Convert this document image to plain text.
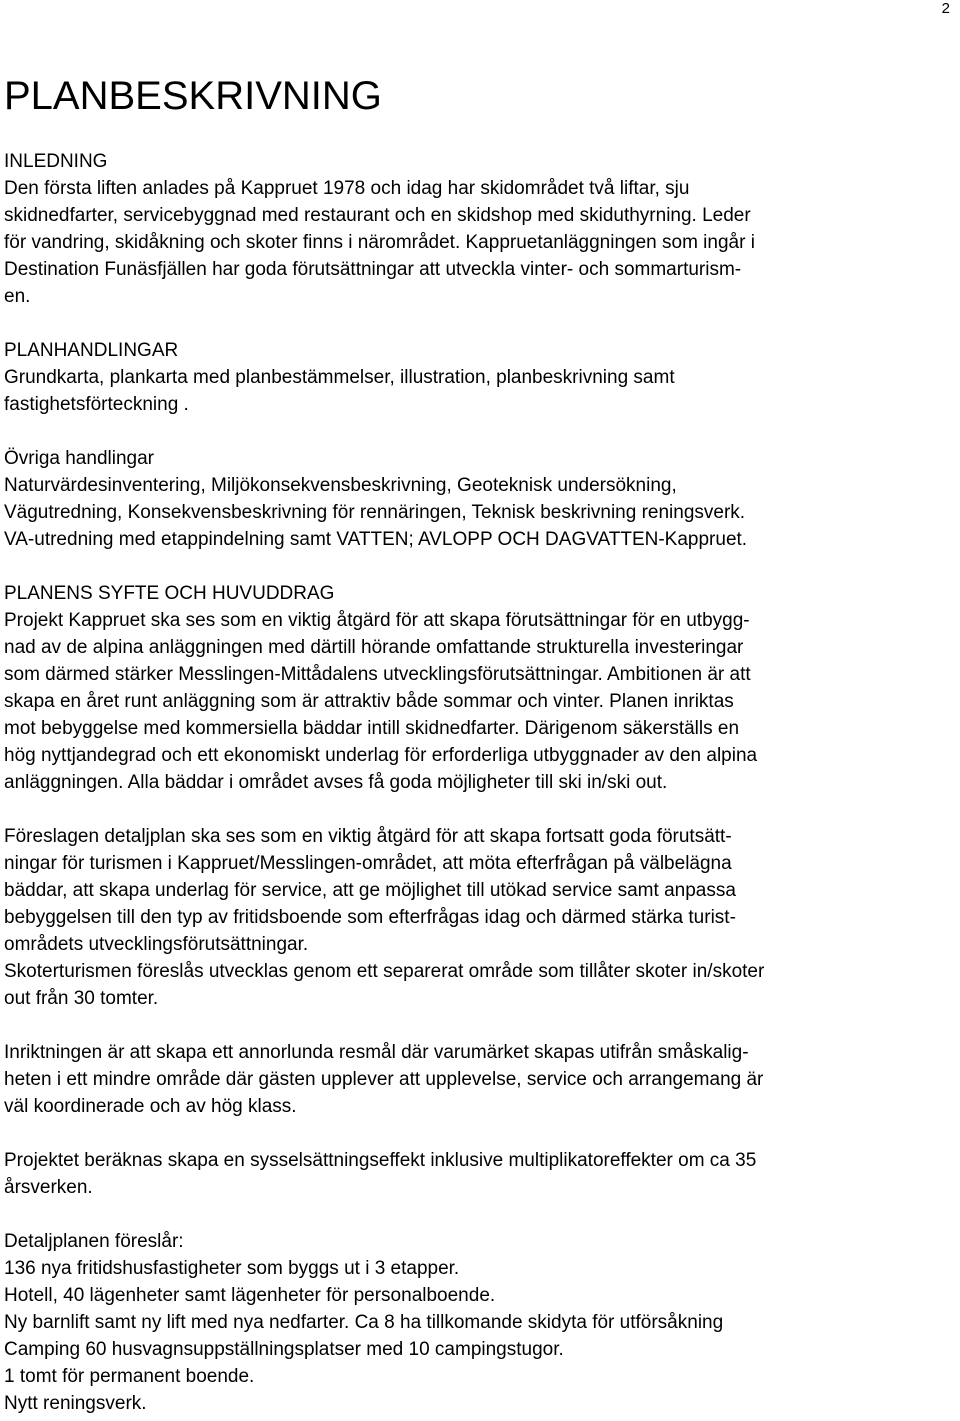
2
PLANBESKRIVNING

INLEDNING

Den första liften anlades på Kappruet 1978 och idag har skidområdet två liftar, sju

skidnedfarter, servicebyggnad med restaurant och en skidshop med skiduthyrning. Leder

för vandring, skidåkning och skoter finns i närområdet. Kappruetanläggningen som ingår i

Destination Funäsfjällen har goda förutsättningar att utveckla vinter- och sommarturism-

en.

PLANHANDLINGAR

Grundkarta, plankarta med planbestämmelser, illustration, planbeskrivning samt

fastighetsförteckning .

Övriga handlingar

Naturvärdesinventering, Miljökonsekvensbeskrivning, Geoteknisk undersökning,

Vägutredning, Konsekvensbeskrivning för rennäringen, Teknisk beskrivning reningsverk.

VA-utredning med etappindelning samt VATTEN; AVLOPP OCH DAGVATTEN-Kappruet.

PLANENS SYFTE OCH HUVUDDRAG

Projekt Kappruet ska ses som en viktig åtgärd för att skapa förutsättningar för en utbygg-

nad av de alpina anläggningen med därtill hörande omfattande strukturella investeringar

som därmed stärker Messlingen-Mittådalens utvecklingsförutsättningar. Ambitionen är att

skapa en året runt anläggning som är attraktiv både sommar och vinter. Planen inriktas

mot bebyggelse med kommersiella bäddar intill skidnedfarter. Därigenom säkerställs en

hög nyttjandegrad och ett ekonomiskt underlag för erforderliga utbyggnader av den alpina

anläggningen. Alla bäddar i området avses få goda möjligheter till ski in/ski out.

Föreslagen detaljplan ska ses som en viktig åtgärd för att skapa fortsatt goda förutsätt-

ningar för turismen i Kappruet/Messlingen-området, att möta efterfrågan på välbelägna

bäddar, att skapa underlag för service, att ge möjlighet till utökad service samt anpassa

bebyggelsen till den typ av fritidsboende som efterfrågas idag och därmed stärka turist-

områdets utvecklingsförutsättningar.

Skoterturismen föreslås utvecklas genom ett separerat område som tillåter skoter in/skoter

out från 30 tomter.

Inriktningen är att skapa ett annorlunda resmål där varumärket skapas utifrån småskalig-

heten i ett mindre område där gästen upplever att upplevelse, service och arrangemang är

väl koordinerade och av hög klass.

Projektet beräknas skapa en sysselsättningseffekt inklusive multiplikatoreffekter om ca 35

årsverken.

Detaljplanen föreslår:

136 nya fritidshusfastigheter som byggs ut i 3 etapper.

Hotell, 40 lägenheter samt lägenheter för personalboende.

Ny barnlift samt ny lift med nya nedfarter. Ca 8 ha tillkomande skidyta för utförsåkning

Camping 60 husvagnsuppställningsplatser med 10 campingstugor.

1 tomt för permanent boende.

Nytt reningsverk.
